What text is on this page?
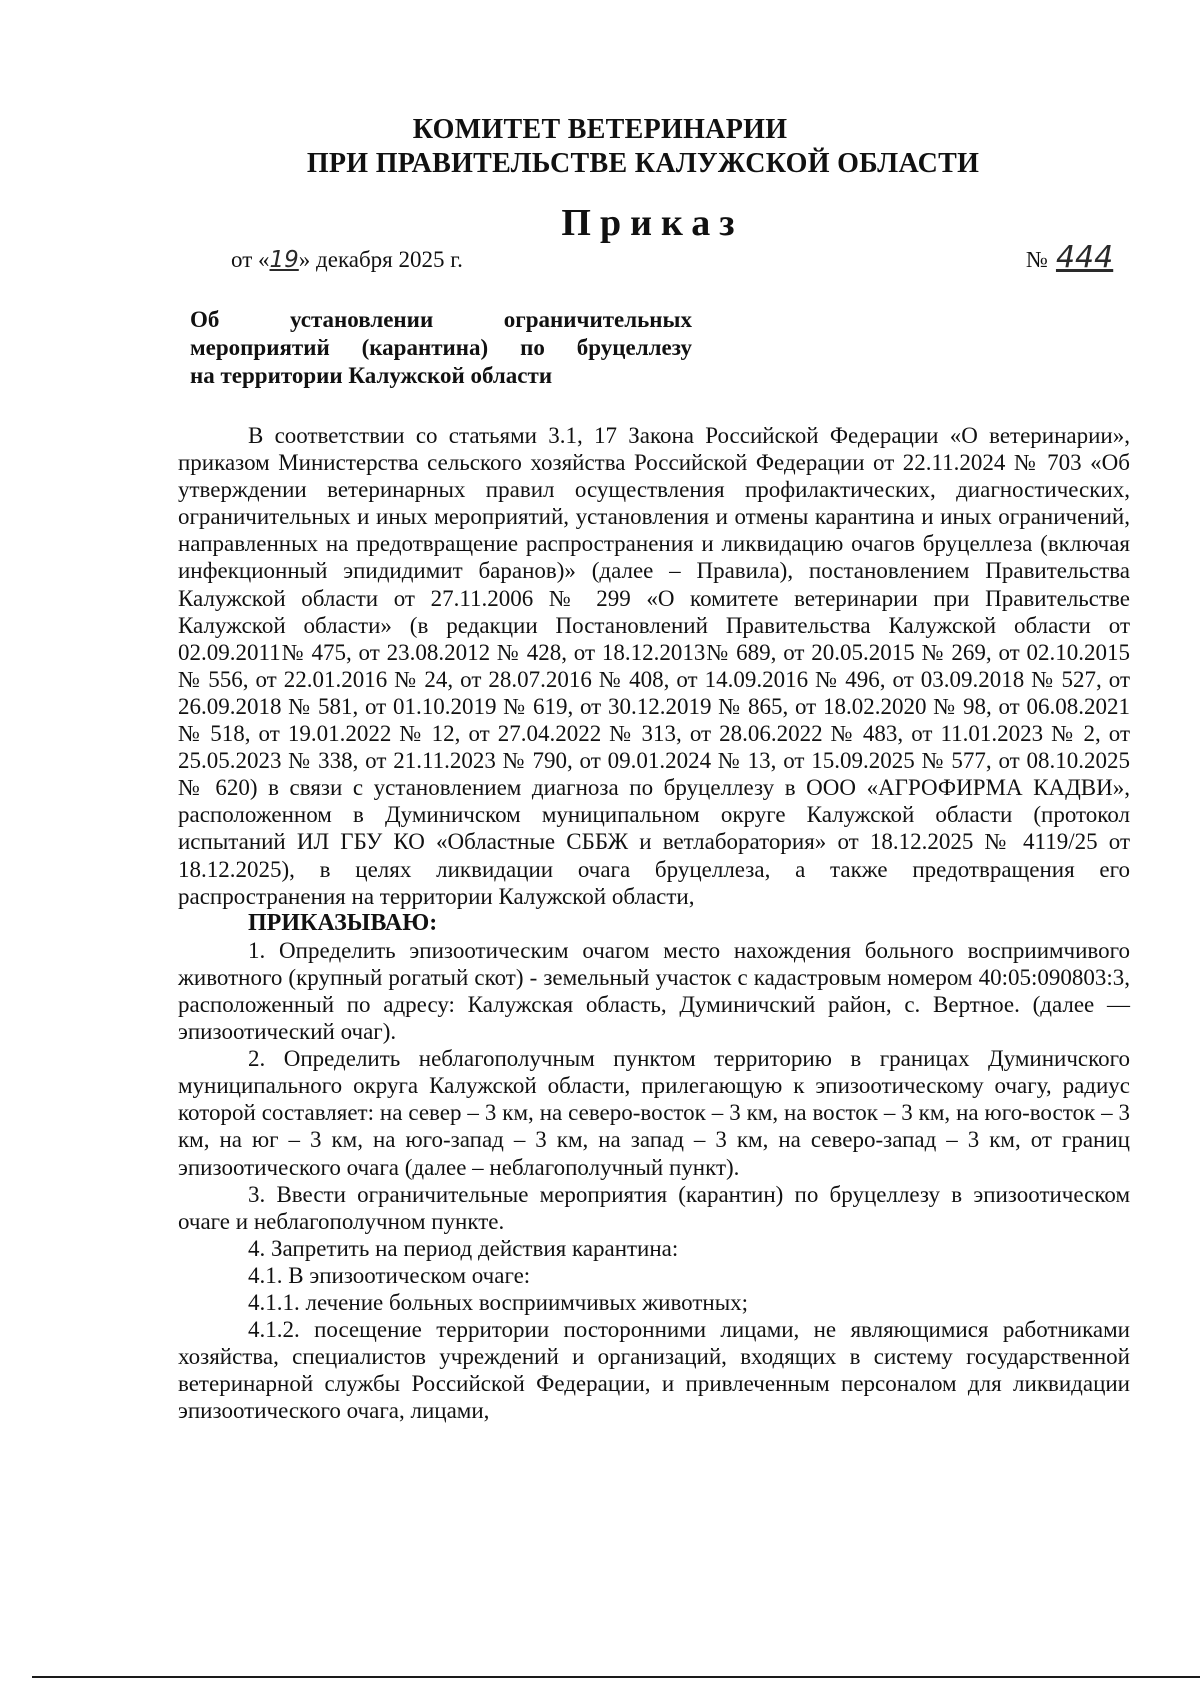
КОМИТЕТ ВЕТЕРИНАРИИ
ПРИ ПРАВИТЕЛЬСТВЕ КАЛУЖСКОЙ ОБЛАСТИ
Приказ
от «19» декабря 2025 г.	№ 444
Об установлении ограничительных
мероприятий (карантина) по бруцеллезу
на территории Калужской области

В соответствии со статьями 3.1, 17 Закона Российской Федерации «О ветеринарии», приказом Министерства сельского хозяйства Российской Федерации от 22.11.2024 № 703 «Об утверждении ветеринарных правил осуществления профилактических, диагностических, ограничительных и иных мероприятий, установления и отмены карантина и иных ограничений, направленных на предотвращение распространения и ликвидацию очагов бруцеллеза (включая инфекционный эпидидимит баранов)» (далее – Правила), постановлением Правительства Калужской области от 27.11.2006 № 299 «О комитете ветеринарии при Правительстве Калужской области» (в редакции Постановлений Правительства Калужской области от 02.09.2011№ 475, от 23.08.2012 № 428, от 18.12.2013№ 689, от 20.05.2015 № 269, от 02.10.2015 № 556, от 22.01.2016 № 24, от 28.07.2016 № 408, от 14.09.2016 № 496, от 03.09.2018 № 527, от 26.09.2018 № 581, от 01.10.2019 № 619, от 30.12.2019 № 865, от 18.02.2020 № 98, от 06.08.2021 № 518, от 19.01.2022 № 12, от 27.04.2022 № 313, от 28.06.2022 № 483, от 11.01.2023 № 2, от 25.05.2023 № 338, от 21.11.2023 № 790, от 09.01.2024 № 13, от 15.09.2025 № 577, от 08.10.2025 № 620) в связи с установлением диагноза по бруцеллезу в ООО «АГРОФИРМА КАДВИ», расположенном в Думиничском муниципальном округе Калужской области (протокол испытаний ИЛ ГБУ КО «Областные СББЖ и ветлаборатория» от 18.12.2025 № 4119/25 от 18.12.2025), в целях ликвидации очага бруцеллеза, а также предотвращения его распространения на территории Калужской области,

ПРИКАЗЫВАЮ:

1. Определить эпизоотическим очагом место нахождения больного восприимчивого животного (крупный рогатый скот) - земельный участок с кадастровым номером 40:05:090803:3, расположенный по адресу: Калужская область, Думиничский район, с. Вертное. (далее — эпизоотический очаг).

2. Определить неблагополучным пунктом территорию в границах Думиничского муниципального округа Калужской области, прилегающую к эпизоотическому очагу, радиус которой составляет: на север – 3 км, на северо-восток – 3 км, на восток – 3 км, на юго-восток – 3 км, на юг – 3 км, на юго-запад – 3 км, на запад – 3 км, на северо-запад – 3 км, от границ эпизоотического очага (далее – неблагополучный пункт).

3. Ввести ограничительные мероприятия (карантин) по бруцеллезу в эпизоотическом очаге и неблагополучном пункте.

4. Запретить на период действия карантина:

4.1. В эпизоотическом очаге:

4.1.1. лечение больных восприимчивых животных;

4.1.2. посещение территории посторонними лицами, не являющимися работниками хозяйства, специалистов учреждений и организаций, входящих в систему государственной ветеринарной службы Российской Федерации, и привлеченным персоналом для ликвидации эпизоотического очага, лицами,
